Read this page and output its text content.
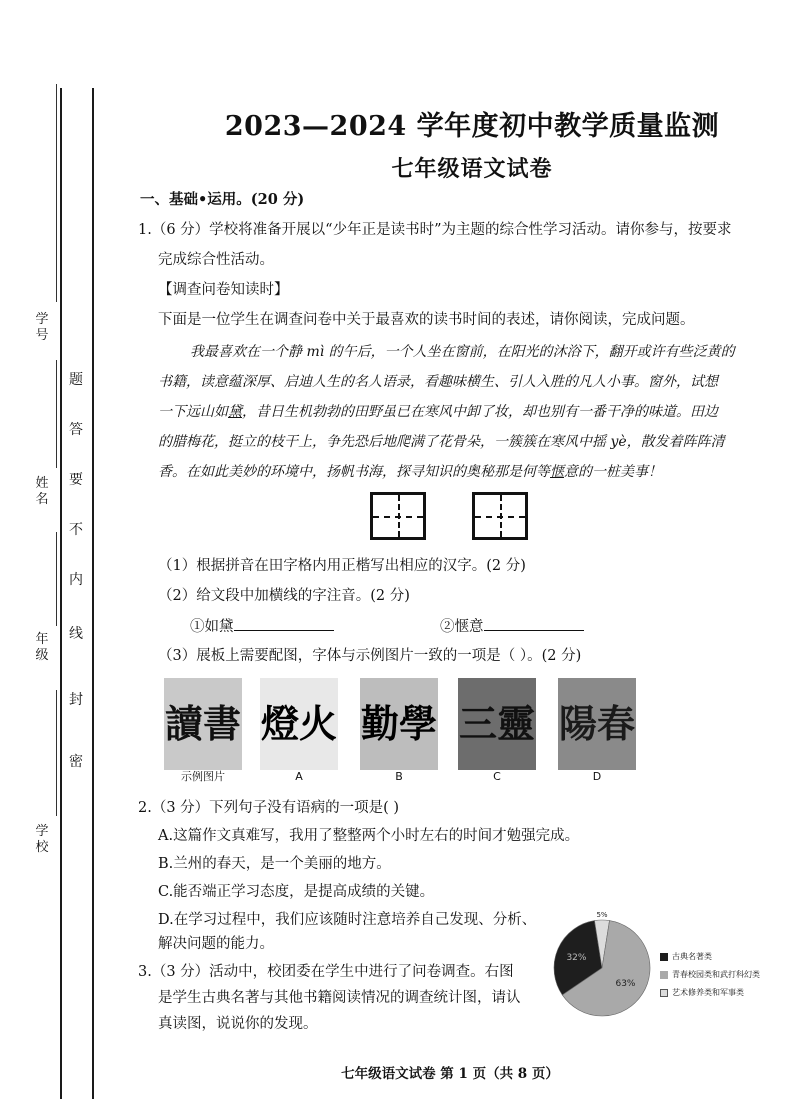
学号
姓名
年级
学校
题
答
要
不
内
线
封
密
2023—2024 学年度初中教学质量监测
七年级语文试卷
一、基础•运用。(20 分)
1.（6 分）学校将准备开展以“少年正是读书时”为主题的综合性学习活动。请你参与，按要求
完成综合性活动。
【调查问卷知读时】
下面是一位学生在调查问卷中关于最喜欢的读书时间的表述，请你阅读，完成问题。
我最喜欢在一个静 mì 的午后，一个人坐在窗前，在阳光的沐浴下，翻开或许有些泛黄的
书籍，读意蕴深厚、启迪人生的名人语录，看趣味横生、引人入胜的凡人小事。窗外，试想
一下远山如黛，昔日生机勃勃的田野虽已在寒风中卸了妆，却也别有一番干净的味道。田边
的腊梅花，挺立的枝干上，争先恐后地爬满了花骨朵，一簇簇在寒风中摇 yè，散发着阵阵清
香。在如此美妙的环境中，扬帆书海，探寻知识的奥秘那是何等惬意的一桩美事！
（1）根据拼音在田字格内用正楷写出相应的汉字。(2 分)
（2）给文段中加横线的字注音。(2 分)
①如黛	②惬意
（3）展板上需要配图，字体与示例图片一致的一项是（ ）。(2 分)
讀書
示例图片
燈火
A
勤學
B
三靈
C
陽春
D
2.（3 分）下列句子没有语病的一项是( )
A.这篇作文真难写，我用了整整两个小时左右的时间才勉强完成。
B.兰州的春天，是一个美丽的地方。
C.能否端正学习态度，是提高成绩的关键。
D.在学习过程中，我们应该随时注意培养自己发现、分析、
解决问题的能力。
3.（3 分）活动中，校团委在学生中进行了问卷调查。右图
是学生古典名著与其他书籍阅读情况的调查统计图，请认
真读图，说说你的发现。
32%
5%
63%
古典名著类
青春校园类和武打科幻类
艺术修养类和军事类
七年级语文试卷 第 1 页（共 8 页）
